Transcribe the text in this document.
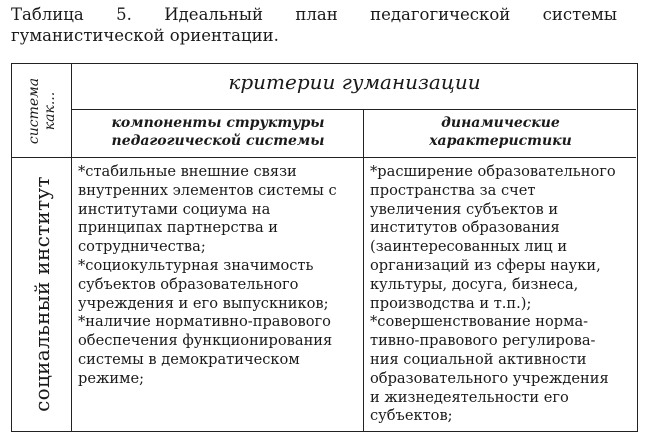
Таблица 5. Идеальный план педагогической системы
гуманистической ориентации.
система как...
социальный институт
критерии гуманизации
компоненты структуры
педагогической системы
динамические
характеристики
*стабильные внешние связи
внутренних элементов системы с
институтами социума на
принципах партнерства и
сотрудничества;
*социокультурная значимость
субъектов образовательного
учреждения и его выпускников;
*наличие нормативно-правового
обеспечения функционирования
системы в демократическом
режиме;
*расширение образовательного
пространства за счет
увеличения субъектов и
институтов образования
(заинтересованных лиц и
организаций из сферы науки,
культуры, досуга, бизнеса,
производства и т.п.);
*совершенствование норма-
тивно-правового регулирова-
ния социальной активности
образовательного учреждения
и жизнедеятельности его
субъектов;
